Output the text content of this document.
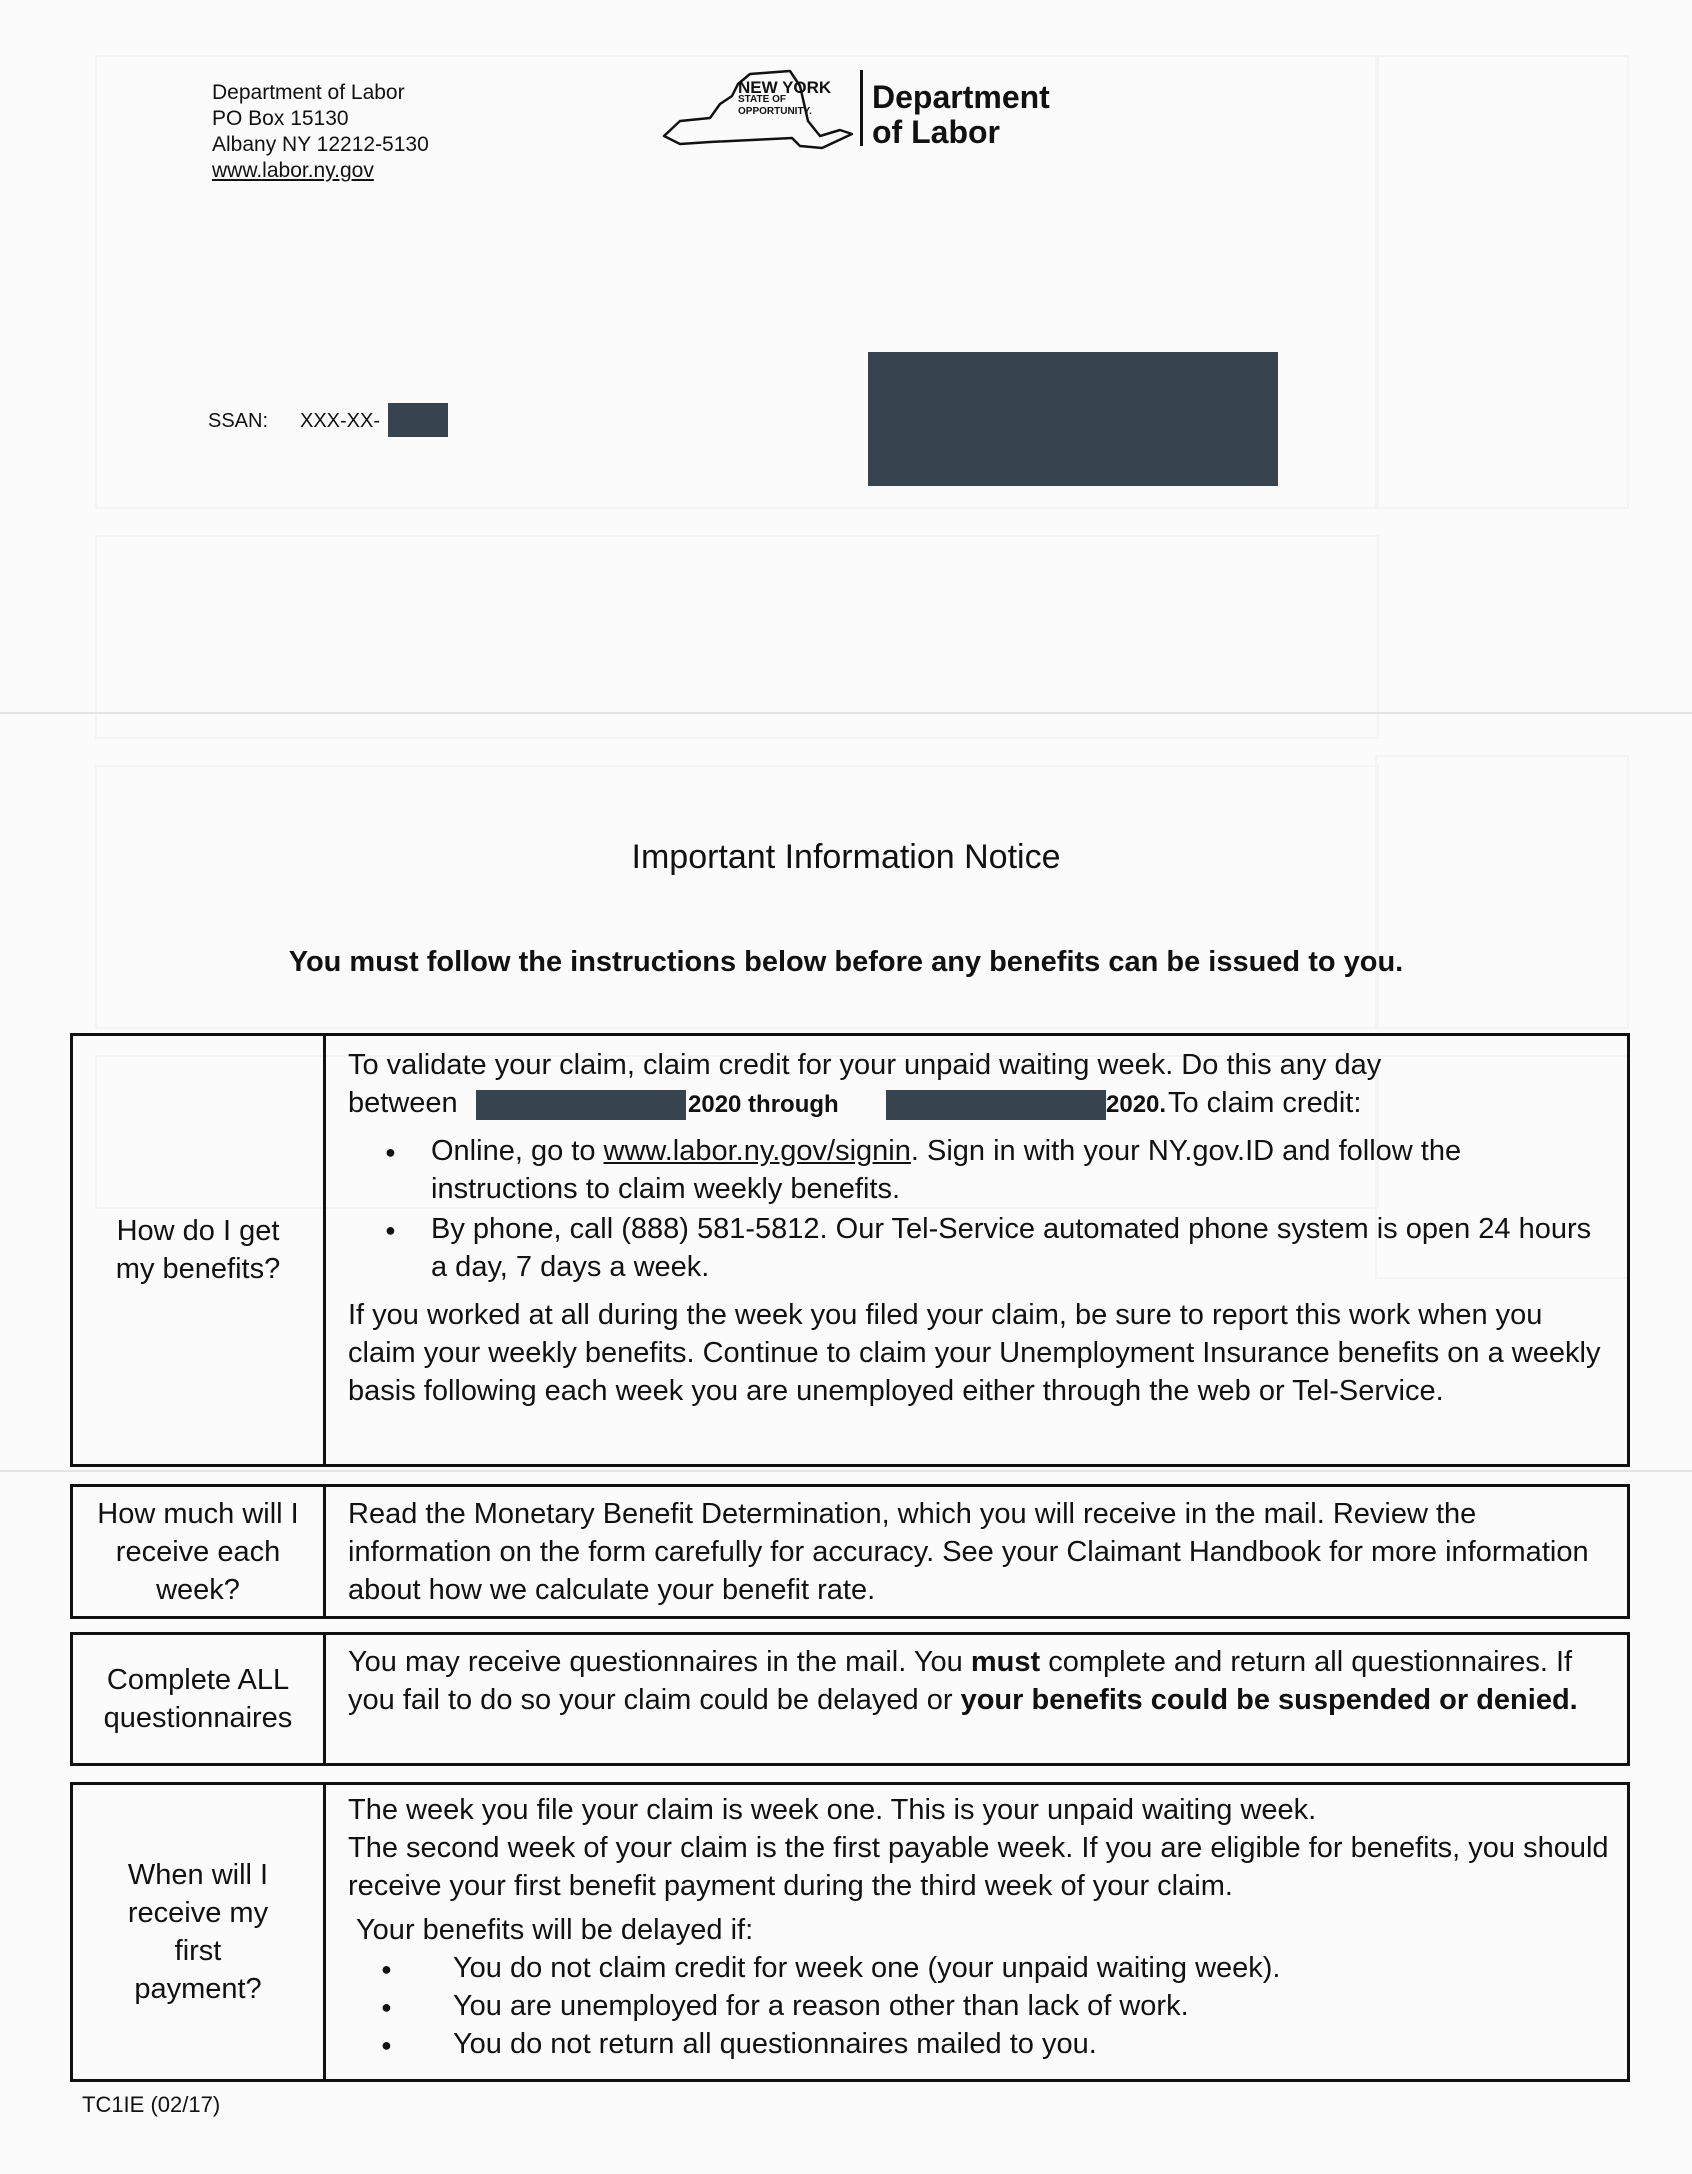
Department of Labor
PO Box 15130
Albany NY 12212-5130
www.labor.ny.gov
NEW YORK
STATE OF
OPPORTUNITY.	Department
of Labor
SSAN: XXX-XX-
Important Information Notice
You must follow the instructions below before any benefits can be issued to you.
How do I get my benefits?

To validate your claim, claim credit for your unpaid waiting week. Do this any day

between	2020 through	2020. To claim credit:

● Online, go to www.labor.ny.gov/signin. Sign in with your NY.gov.ID and follow the instructions to claim weekly benefits.
● By phone, call (888) 581-5812. Our Tel-Service automated phone system is open 24 hours a day, 7 days a week.

If you worked at all during the week you filed your claim, be sure to report this work when you claim your weekly benefits. Continue to claim your Unemployment Insurance benefits on a weekly basis following each week you are unemployed either through the web or Tel-Service.

How much will I receive each week?
Read the Monetary Benefit Determination, which you will receive in the mail. Review the information on the form carefully for accuracy. See your Claimant Handbook for more information about how we calculate your benefit rate.
Complete ALL questionnaires
You may receive questionnaires in the mail. You must complete and return all questionnaires. If you fail to do so your claim could be delayed or your benefits could be suspended or denied.
When will I receive my first payment?

The week you file your claim is week one. This is your unpaid waiting week.

The second week of your claim is the first payable week. If you are eligible for benefits, you should receive your first benefit payment during the third week of your claim.

Your benefits will be delayed if:

● You do not claim credit for week one (your unpaid waiting week).
● You are unemployed for a reason other than lack of work.
● You do not return all questionnaires mailed to you.
TC1IE (02/17)
